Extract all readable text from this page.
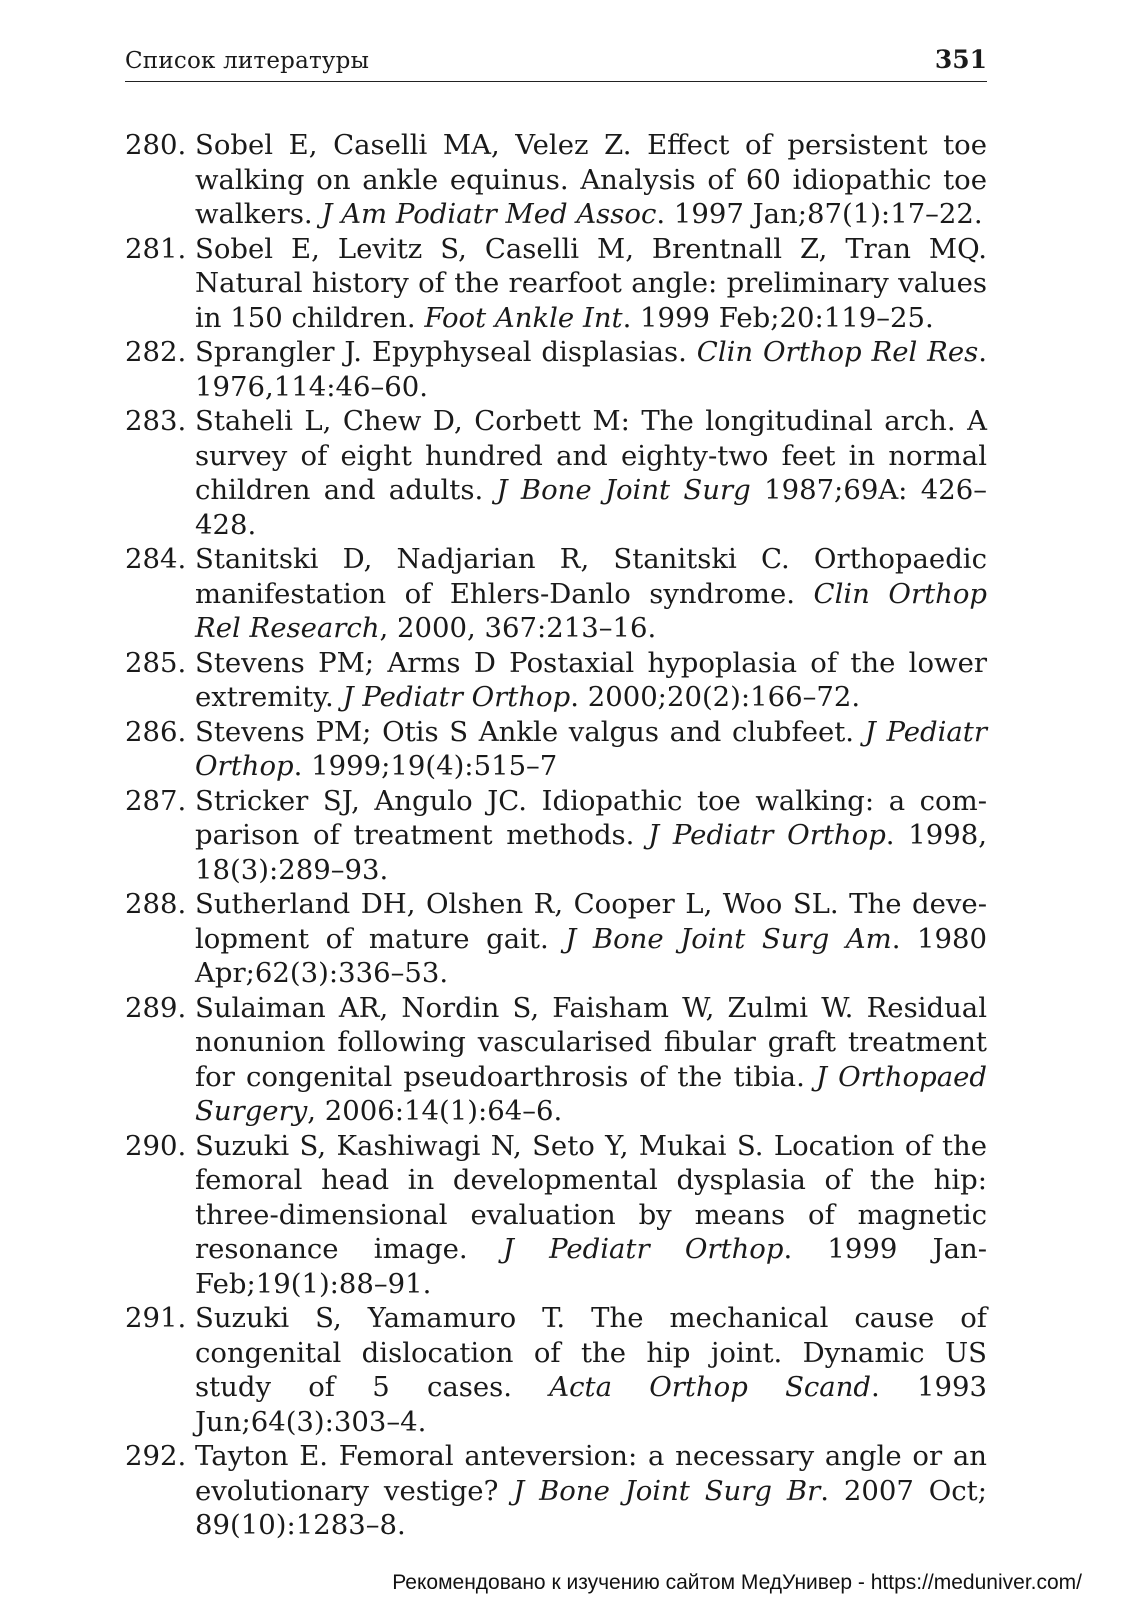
Список литературы	351
280. Sobel E, Caselli MA, Velez Z. Effect of persistent toe walking on ankle equinus. Analysis of 60 idiopathic toe walkers. J Am Podiatr Med Assoc. 1997 Jan;87(1):17–22.
281. Sobel E, Levitz S, Caselli M, Brentnall Z, Tran MQ. Natural history of the rearfoot angle: preliminary values in 150 children. Foot Ankle Int. 1999 Feb;20:119–25.
282. Sprangler J. Epyphyseal displasias. Clin Orthop Rel Res. 1976,114:46–60.
283. Staheli L, Chew D, Corbett M: The longitudinal arch. A survey of eight hundred and eighty-two feet in normal children and adults. J Bone Joint Surg 1987;69A: 426–428.
284. Stanitski D, Nadjarian R, Stanitski C. Orthopaedic manifestation of Ehlers-Danlo syndrome. Clin Orthop Rel Research, 2000, 367:213–16.
285. Stevens PM; Arms D Postaxial hypoplasia of the lower extremity. J Pediatr Orthop. 2000;20(2):166–72.
286. Stevens PM; Otis S Ankle valgus and clubfeet. J Pediatr Orthop. 1999;19(4):515–7
287. Stricker SJ, Angulo JC. Idiopathic toe walking: a comparison of treatment methods. J Pediatr Orthop. 1998, 18(3):289–93.
288. Sutherland DH, Olshen R, Cooper L, Woo SL. The development of mature gait. J Bone Joint Surg Am. 1980 Apr;62(3):336–53.
289. Sulaiman AR, Nordin S, Faisham W, Zulmi W. Residual nonunion following vascularised fibular graft treatment for congenital pseudoarthrosis of the tibia. J Orthopaed Surgery, 2006:14(1):64–6.
290. Suzuki S, Kashiwagi N, Seto Y, Mukai S. Location of the femoral head in developmental dysplasia of the hip: three-dimensional evaluation by means of magnetic resonance image. J Pediatr Orthop. 1999 Jan-Feb;19(1):88–91.
291. Suzuki S, Yamamuro T. The mechanical cause of congenital dislocation of the hip joint. Dynamic US study of 5 cases. Acta Orthop Scand. 1993 Jun;64(3):303–4.
292. Tayton E. Femoral anteversion: a necessary angle or an evolutionary vestige? J Bone Joint Surg Br. 2007 Oct; 89(10):1283–8.
Рекомендовано к изучению сайтом МедУнивер - https://meduniver.com/
